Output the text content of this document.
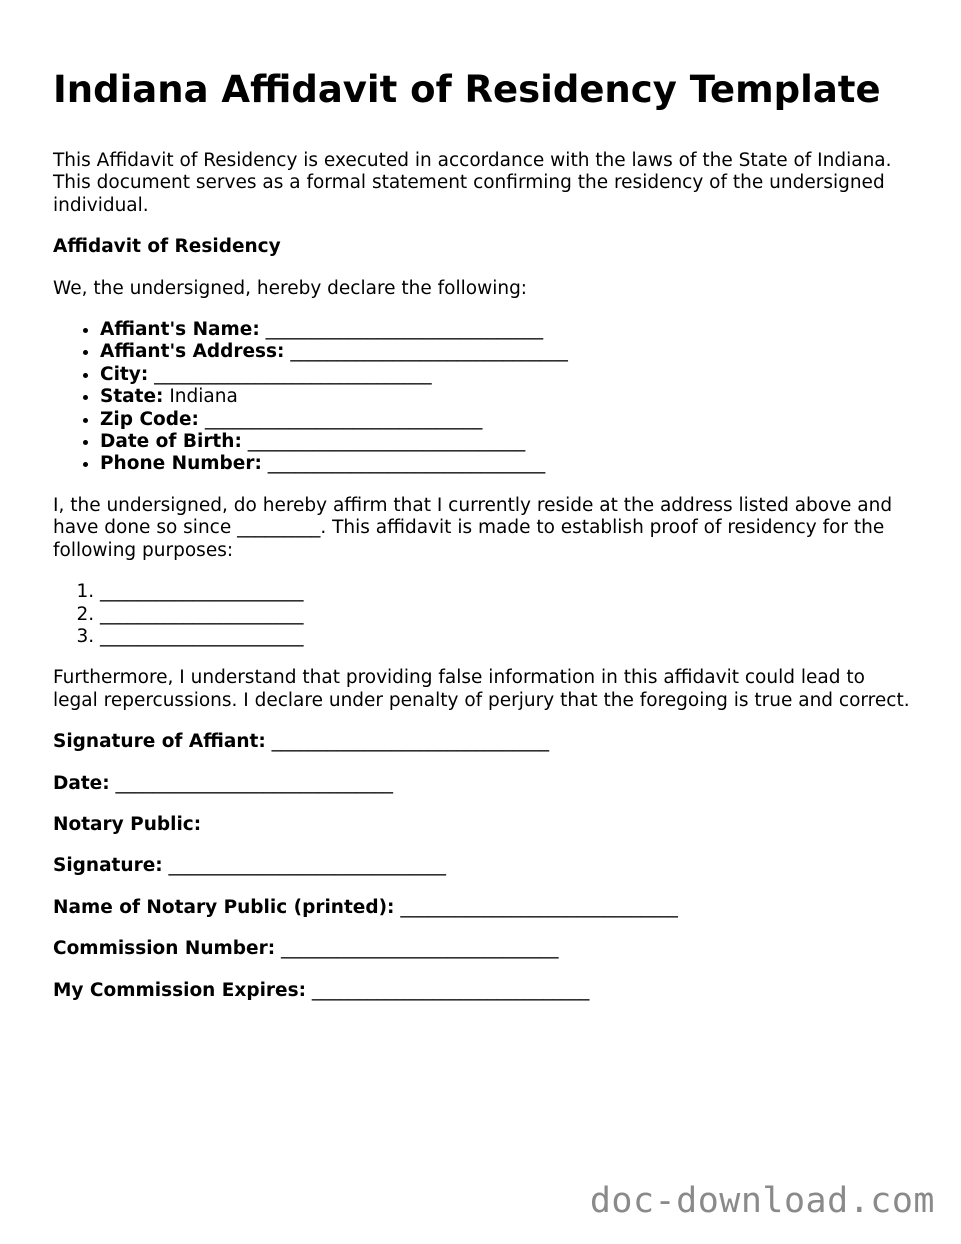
Indiana Affidavit of Residency Template

This Affidavit of Residency is executed in accordance with the laws of the State of Indiana. This document serves as a formal statement confirming the residency of the undersigned individual.

Affidavit of Residency

We, the undersigned, hereby declare the following:

• Affiant's Name: ______________________________
• Affiant's Address: ______________________________
• City: ______________________________
• State: Indiana
• Zip Code: ______________________________
• Date of Birth: ______________________________
• Phone Number: ______________________________

I, the undersigned, do hereby affirm that I currently reside at the address listed above and have done so since _________. This affidavit is made to establish proof of residency for the following purposes:

1. ______________________
2. ______________________
3. ______________________

Furthermore, I understand that providing false information in this affidavit could lead to legal repercussions. I declare under penalty of perjury that the foregoing is true and correct.

Signature of Affiant: ______________________________

Date: ______________________________

Notary Public:

Signature: ______________________________

Name of Notary Public (printed): ______________________________

Commission Number: ______________________________

My Commission Expires: ______________________________

doc-download.com
